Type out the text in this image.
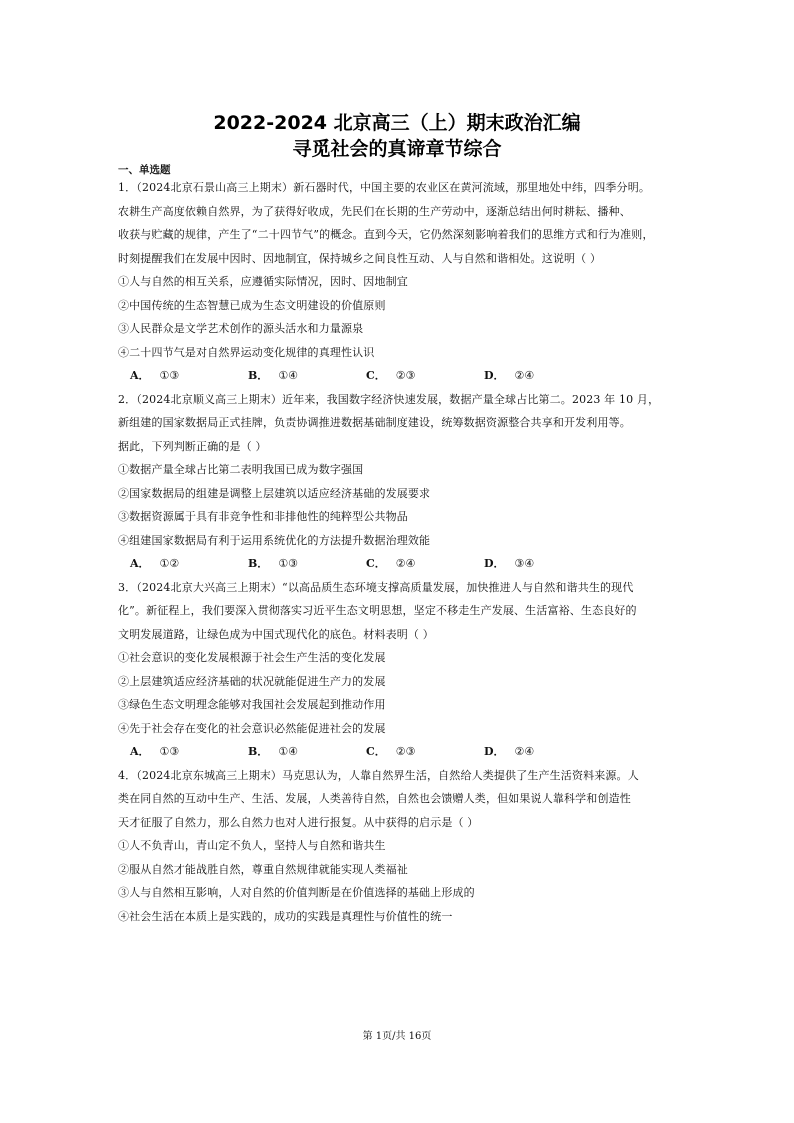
2022-2024 北京高三（上）期末政治汇编
寻觅社会的真谛章节综合
一、单选题
1．（2024北京石景山高三上期末）新石器时代，中国主要的农业区在黄河流域，那里地处中纬，四季分明。
农耕生产高度依赖自然界，为了获得好收成，先民们在长期的生产劳动中，逐渐总结出何时耕耘、播种、
收获与贮藏的规律，产生了“二十四节气”的概念。直到今天，它仍然深刻影响着我们的思维方式和行为准则，
时刻提醒我们在发展中因时、因地制宜，保持城乡之间良性互动、人与自然和谐相处。这说明（ ）
①人与自然的相互关系，应遵循实际情况，因时、因地制宜
②中国传统的生态智慧已成为生态文明建设的价值原则
③人民群众是文学艺术创作的源头活水和力量源泉
④二十四节气是对自然界运动变化规律的真理性认识
A． ①③	B． ①④	C． ②③	D． ②④
2．（2024北京顺义高三上期末）近年来，我国数字经济快速发展，数据产量全球占比第二。2023 年 10 月，
新组建的国家数据局正式挂牌，负责协调推进数据基础制度建设，统筹数据资源整合共享和开发利用等。
据此，下列判断正确的是（ ）
①数据产量全球占比第二表明我国已成为数字强国
②国家数据局的组建是调整上层建筑以适应经济基础的发展要求
③数据资源属于具有非竞争性和非排他性的纯粹型公共物品
④组建国家数据局有利于运用系统优化的方法提升数据治理效能
A． ①②	B． ①③	C． ②④	D． ③④
3．（2024北京大兴高三上期末）“以高品质生态环境支撑高质量发展，加快推进人与自然和谐共生的现代
化”。新征程上，我们要深入贯彻落实习近平生态文明思想，坚定不移走生产发展、生活富裕、生态良好的
文明发展道路，让绿色成为中国式现代化的底色。材料表明（ ）
①社会意识的变化发展根源于社会生产生活的变化发展
②上层建筑适应经济基础的状况就能促进生产力的发展
③绿色生态文明理念能够对我国社会发展起到推动作用
④先于社会存在变化的社会意识必然能促进社会的发展
A． ①③	B． ①④	C． ②③	D． ②④
4．（2024北京东城高三上期末）马克思认为，人靠自然界生活，自然给人类提供了生产生活资料来源。人
类在同自然的互动中生产、生活、发展，人类善待自然，自然也会馈赠人类，但如果说人靠科学和创造性
天才征服了自然力，那么自然力也对人进行报复。从中获得的启示是（ ）
①人不负青山，青山定不负人，坚持人与自然和谐共生
②服从自然才能战胜自然，尊重自然规律就能实现人类福祉
③人与自然相互影响，人对自然的价值判断是在价值选择的基础上形成的
④社会生活在本质上是实践的，成功的实践是真理性与价值性的统一
第 1页/共 16页
